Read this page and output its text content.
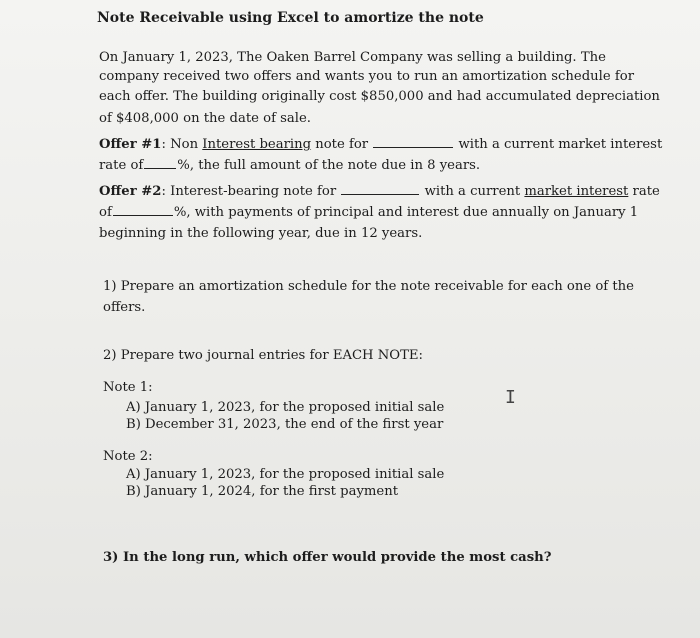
Note Receivable using Excel to amortize the note
On January 1, 2023, The Oaken Barrel Company was selling a building. The
company received two offers and wants you to run an amortization schedule for
each offer. The building originally cost $850,000 and had accumulated depreciation
of $408,000 on the date of sale.
Offer #1: Non Interest bearing note for	with a current market interest
rate of	%, the full amount of the note due in 8 years.
Offer #2: Interest-bearing note for	with a current market interest rate
of	%, with payments of principal and interest due annually on January 1
beginning in the following year, due in 12 years.
1) Prepare an amortization schedule for the note receivable for each one of the
offers.
2) Prepare two journal entries for EACH NOTE:
Note 1:
A) January 1, 2023, for the proposed initial sale
B) December 31, 2023, the end of the first year
Note 2:
A) January 1, 2023, for the proposed initial sale
B) January 1, 2024, for the first payment
3) In the long run, which offer would provide the most cash?
I
